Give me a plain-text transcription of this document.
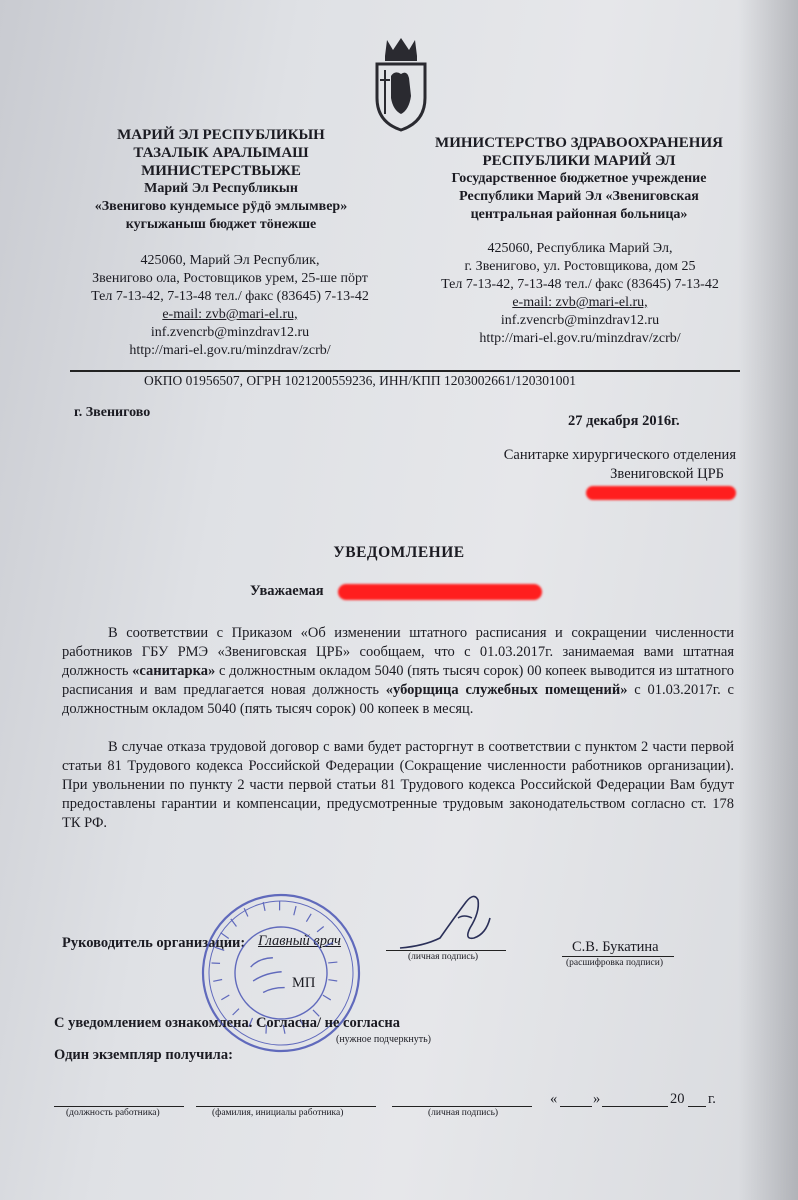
МАРИЙ ЭЛ РЕСПУБЛИКЫН
ТАЗАЛЫК АРАЛЫМАШ
МИНИСТЕРСТВЫЖЕ
Марий Эл Республикын
«Звенигово кундемысе рӱдӧ эмлымвер»
кугыжаныш бюджет тӧнежше
425060, Марий Эл Республик,
Звенигово ола, Ростовщиков урем, 25-ше пӧрт
Тел 7-13-42, 7-13-48 тел./ факс (83645) 7-13-42
e-mail: zvb@mari-el.ru,
inf.zvencrb@minzdrav12.ru
http://mari-el.gov.ru/minzdrav/zcrb/
МИНИСТЕРСТВО ЗДРАВООХРАНЕНИЯ
РЕСПУБЛИКИ МАРИЙ ЭЛ
Государственное бюджетное учреждение
Республики Марий Эл «Звениговская
центральная районная больница»
425060, Республика Марий Эл,
г. Звенигово, ул. Ростовщикова, дом 25
Тел 7-13-42, 7-13-48 тел./ факс (83645) 7-13-42
e-mail: zvb@mari-el.ru,
inf.zvencrb@minzdrav12.ru
http://mari-el.gov.ru/minzdrav/zcrb/
ОКПО 01956507, ОГРН 1021200559236, ИНН/КПП 1203002661/120301001
г. Звенигово
27 декабря 2016г.
Санитарке хирургического отделения
Звениговской ЦРБ
УВЕДОМЛЕНИЕ
Уважаемая

В соответствии с Приказом «Об изменении штатного расписания и сокращении численности работников ГБУ РМЭ «Звениговская ЦРБ» сообщаем, что с 01.03.2017г. занимаемая вами штатная должность «санитарка» с должностным окладом 5040 (пять тысяч сорок) 00 копеек выводится из штатного расписания и вам предлагается новая должность «уборщица служебных помещений» с 01.03.2017г. с должностным окладом 5040 (пять тысяч сорок) 00 копеек в месяц.

В случае отказа трудовой договор с вами будет расторгнут в соответствии с пунктом 2 части первой статьи 81 Трудового кодекса Российской Федерации (Сокращение численности работников организации). При увольнении по пункту 2 части первой статьи 81 Трудового кодекса Российской Федерации Вам будут предоставлены гарантии и компенсации, предусмотренные трудовым законодательством согласно ст. 178 ТК РФ.

Руководитель организации: Главный врач
(личная подпись)
С.В. Букатина
(расшифровка подписи)
МП
С уведомлением ознакомлена. Согласна/ не согласна
(нужное подчеркнуть)
Один экземпляр получила:
(должность работника)	(фамилия, инициалы работника)	(личная подпись)
« »	20 г.
